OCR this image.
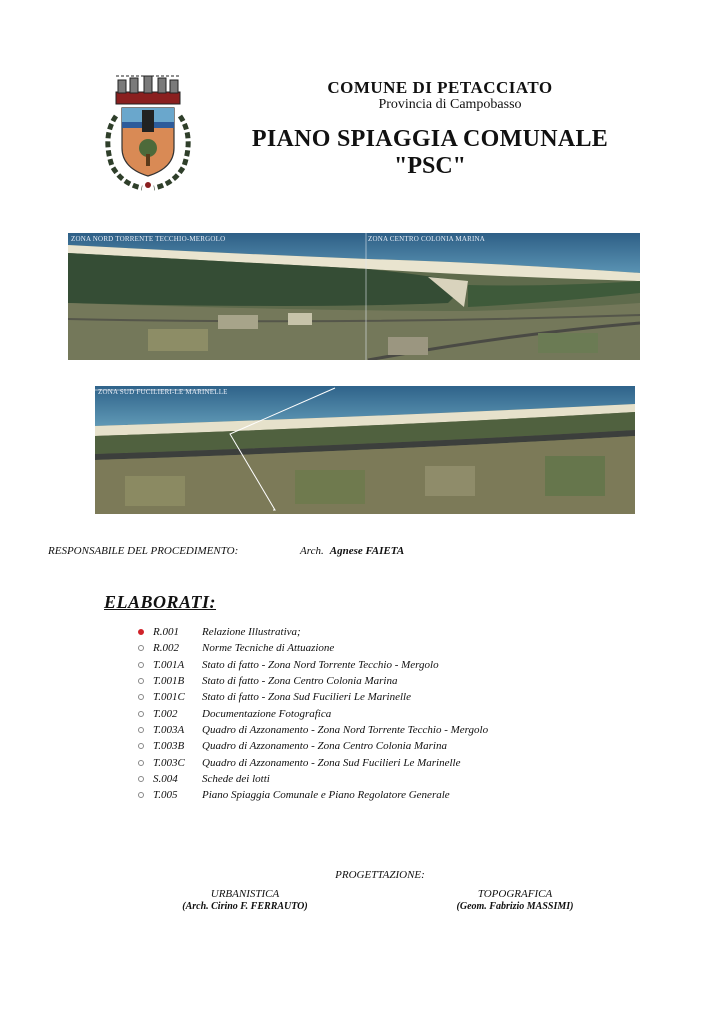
COMUNE DI PETACCIATO
Provincia di Campobasso
PIANO SPIAGGIA COMUNALE
"PSC"
ZONA NORD TORRENTE TECCHIO-MERGOLO	ZONA CENTRO COLONIA MARINA
ZONA SUD FUCILIERI-LE MARINELLE
RESPONSABILE DEL PROCEDIMENTO:	Arch. Agnese FAIETA
ELABORATI:
R.001	Relazione Illustrativa;
R.002	Norme Tecniche di Attuazione
T.001A	Stato di fatto - Zona Nord Torrente Tecchio - Mergolo
T.001B	Stato di fatto - Zona Centro Colonia Marina
T.001C	Stato di fatto - Zona Sud Fucilieri Le Marinelle
T.002	Documentazione Fotografica
T.003A	Quadro di Azzonamento - Zona Nord Torrente Tecchio - Mergolo
T.003B	Quadro di Azzonamento - Zona Centro Colonia Marina
T.003C	Quadro di Azzonamento - Zona Sud Fucilieri Le Marinelle
S.004	Schede dei lotti
T.005	Piano Spiaggia Comunale e Piano Regolatore Generale
PROGETTAZIONE:
URBANISTICA
(Arch. Cirino F. FERRAUTO)
TOPOGRAFICA
(Geom. Fabrizio MASSIMI)
